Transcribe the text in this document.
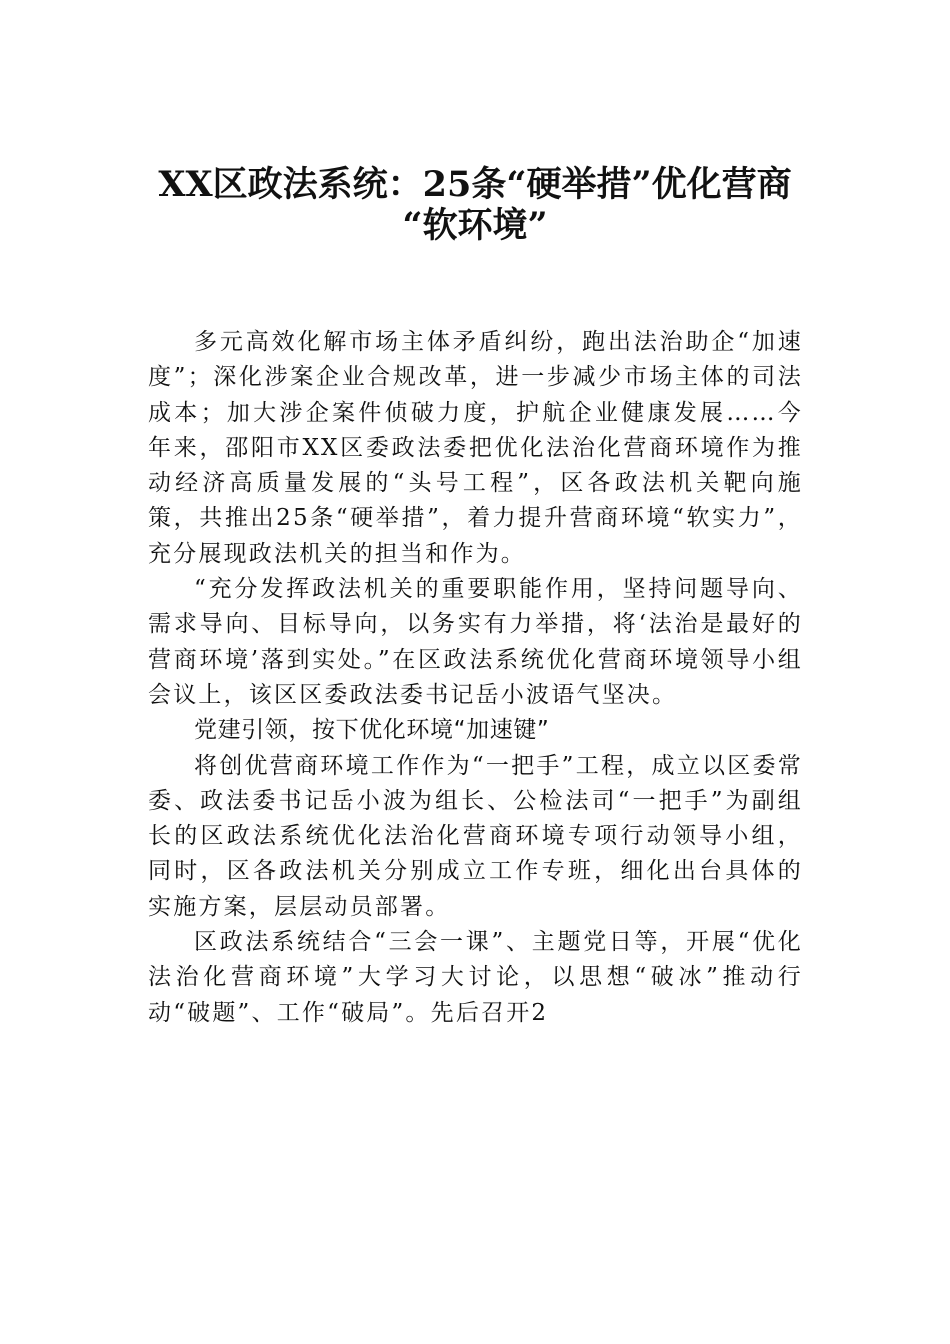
XX区政法系统：25条“硬举措”优化营商
“软环境”

多元高效化解市场主体矛盾纠纷，跑出法治助企“加速度”；深化涉案企业合规改革，进一步减少市场主体的司法成本；加大涉企案件侦破力度，护航企业健康发展……今年来，邵阳市XX区委政法委把优化法治化营商环境作为推动经济高质量发展的“头号工程”，区各政法机关靶向施策，共推出25条“硬举措”，着力提升营商环境“软实力”，充分展现政法机关的担当和作为。

“充分发挥政法机关的重要职能作用，坚持问题导向、需求导向、目标导向，以务实有力举措，将‘法治是最好的营商环境’落到实处。”在区政法系统优化营商环境领导小组会议上，该区区委政法委书记岳小波语气坚决。

党建引领，按下优化环境“加速键”

将创优营商环境工作作为“一把手”工程，成立以区委常委、政法委书记岳小波为组长、公检法司“一把手”为副组长的区政法系统优化法治化营商环境专项行动领导小组，同时，区各政法机关分别成立工作专班，细化出台具体的实施方案，层层动员部署。

区政法系统结合“三会一课”、主题党日等，开展“优化法治化营商环境”大学习大讨论，以思想“破冰”推动行动“破题”、工作“破局”。先后召开2
